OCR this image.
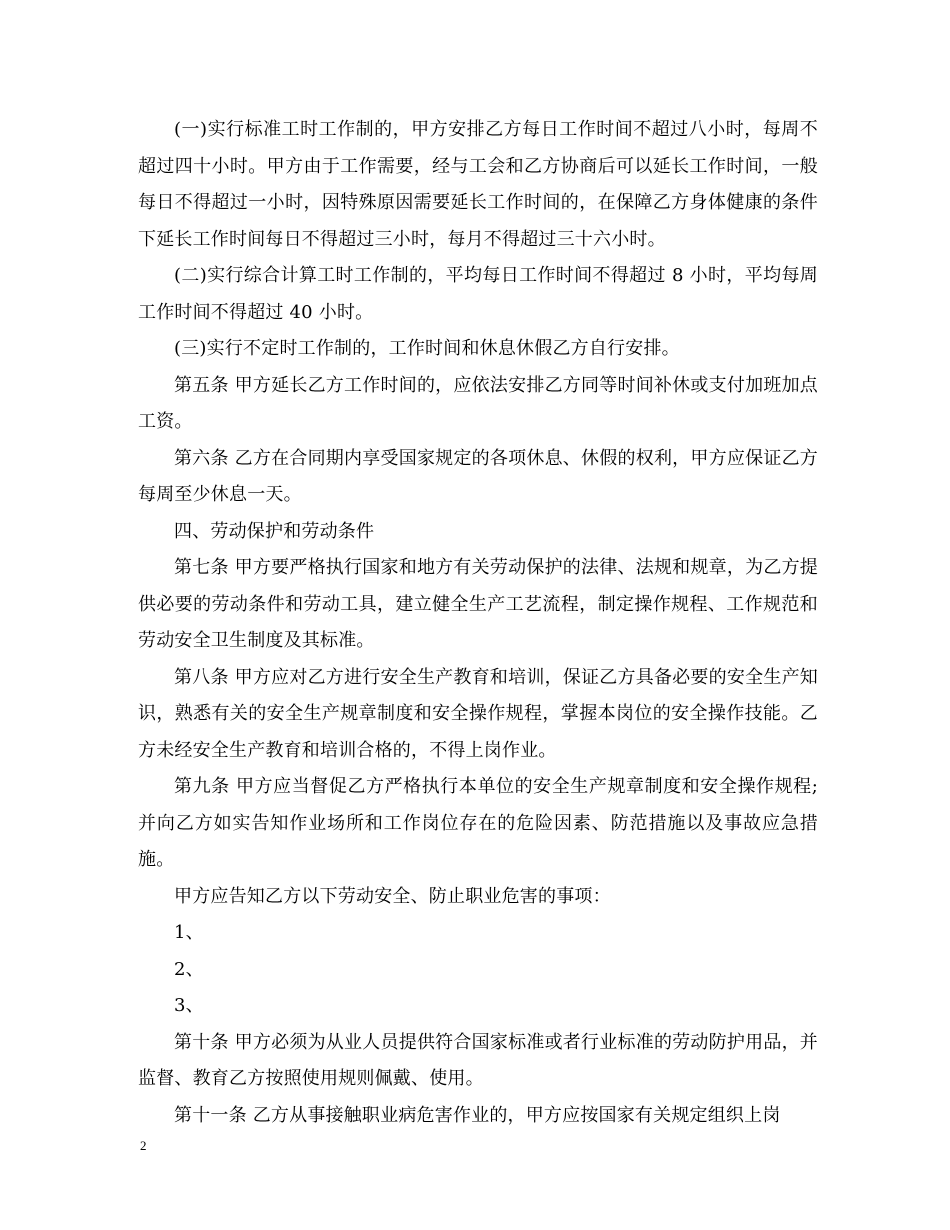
(一)实行标准工时工作制的，甲方安排乙方每日工作时间不超过八小时，每周不超过四十小时。甲方由于工作需要，经与工会和乙方协商后可以延长工作时间，一般每日不得超过一小时，因特殊原因需要延长工作时间的，在保障乙方身体健康的条件下延长工作时间每日不得超过三小时，每月不得超过三十六小时。

(二)实行综合计算工时工作制的，平均每日工作时间不得超过 8 小时，平均每周工作时间不得超过 40 小时。

(三)实行不定时工作制的，工作时间和休息休假乙方自行安排。

第五条 甲方延长乙方工作时间的，应依法安排乙方同等时间补休或支付加班加点工资。

第六条 乙方在合同期内享受国家规定的各项休息、休假的权利，甲方应保证乙方每周至少休息一天。

四、劳动保护和劳动条件

第七条 甲方要严格执行国家和地方有关劳动保护的法律、法规和规章，为乙方提供必要的劳动条件和劳动工具，建立健全生产工艺流程，制定操作规程、工作规范和劳动安全卫生制度及其标准。

第八条 甲方应对乙方进行安全生产教育和培训，保证乙方具备必要的安全生产知识，熟悉有关的安全生产规章制度和安全操作规程，掌握本岗位的安全操作技能。乙方未经安全生产教育和培训合格的，不得上岗作业。

第九条 甲方应当督促乙方严格执行本单位的安全生产规章制度和安全操作规程;并向乙方如实告知作业场所和工作岗位存在的危险因素、防范措施以及事故应急措施。

甲方应告知乙方以下劳动安全、防止职业危害的事项：

1、

2、

3、

第十条 甲方必须为从业人员提供符合国家标准或者行业标准的劳动防护用品，并监督、教育乙方按照使用规则佩戴、使用。

第十一条 乙方从事接触职业病危害作业的，甲方应按国家有关规定组织上岗

2
